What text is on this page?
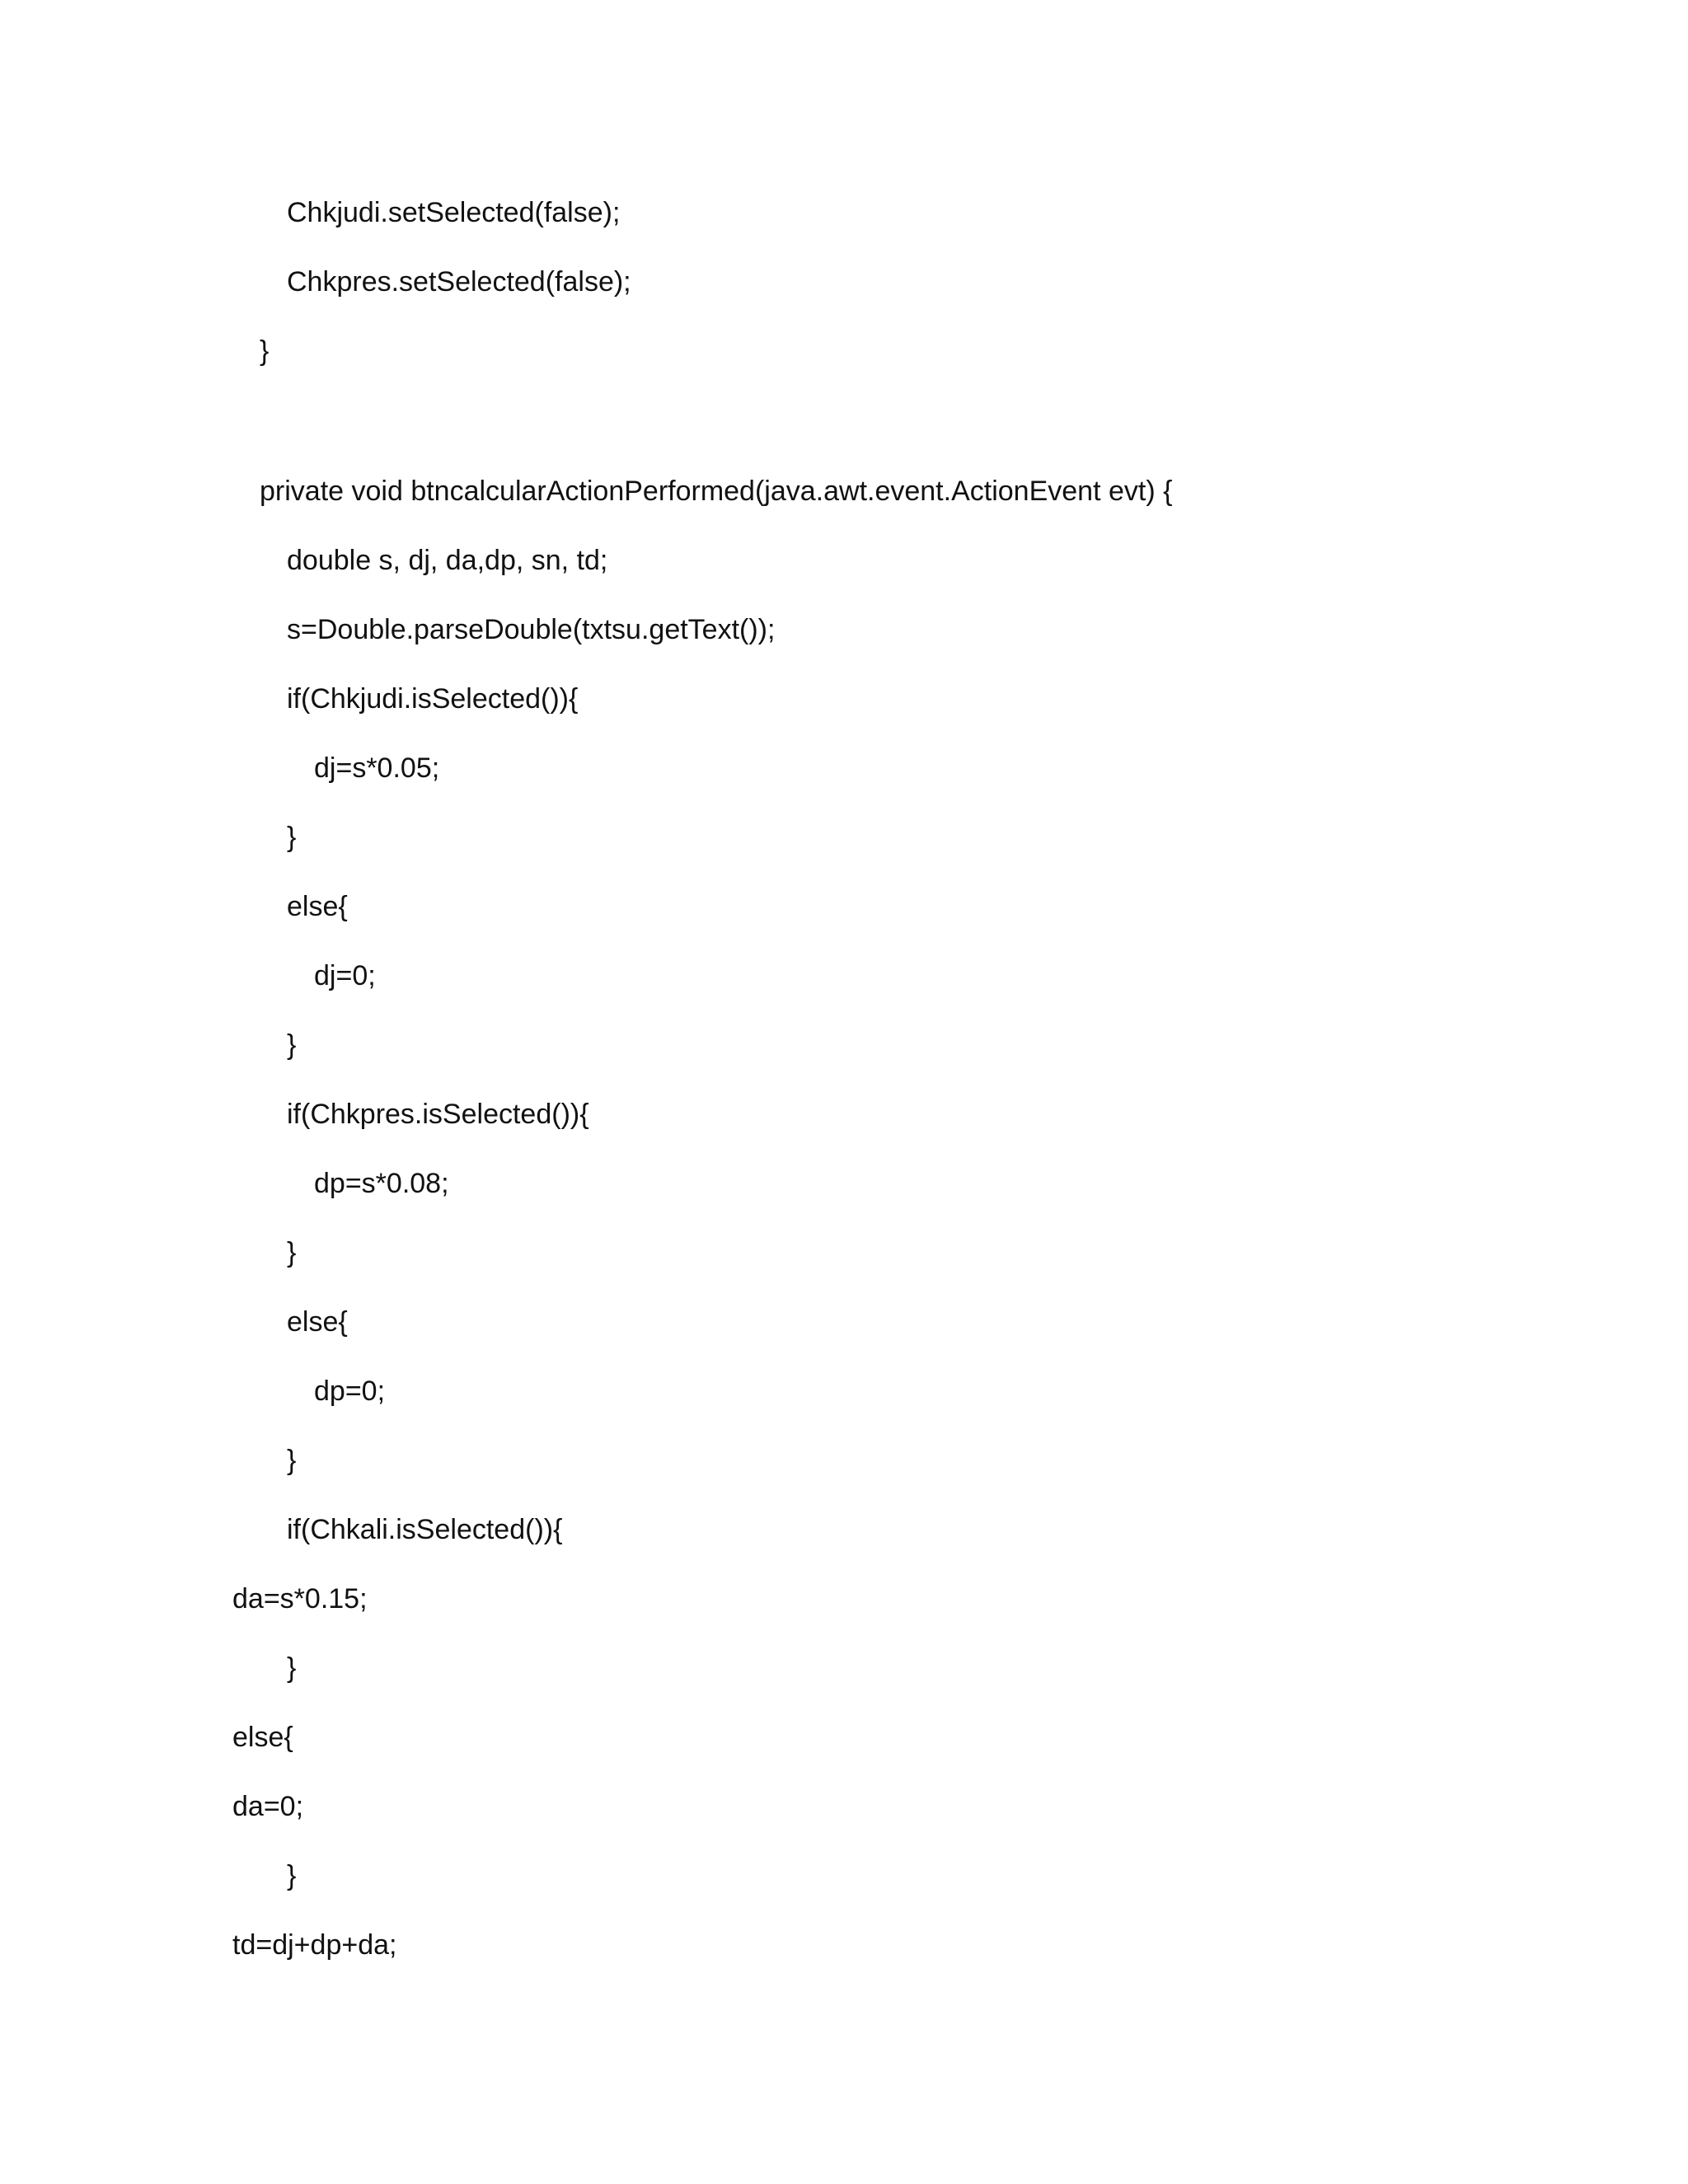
Chkjudi.setSelected(false);
Chkpres.setSelected(false);
}
private void btncalcularActionPerformed(java.awt.event.ActionEvent evt) {
double s, dj, da,dp, sn, td;
s=Double.parseDouble(txtsu.getText());
if(Chkjudi.isSelected()){
dj=s*0.05;
}
else{
dj=0;
}
if(Chkpres.isSelected()){
dp=s*0.08;
}
else{
dp=0;
}
if(Chkali.isSelected()){
da=s*0.15;
}
else{
da=0;
}
td=dj+dp+da;
